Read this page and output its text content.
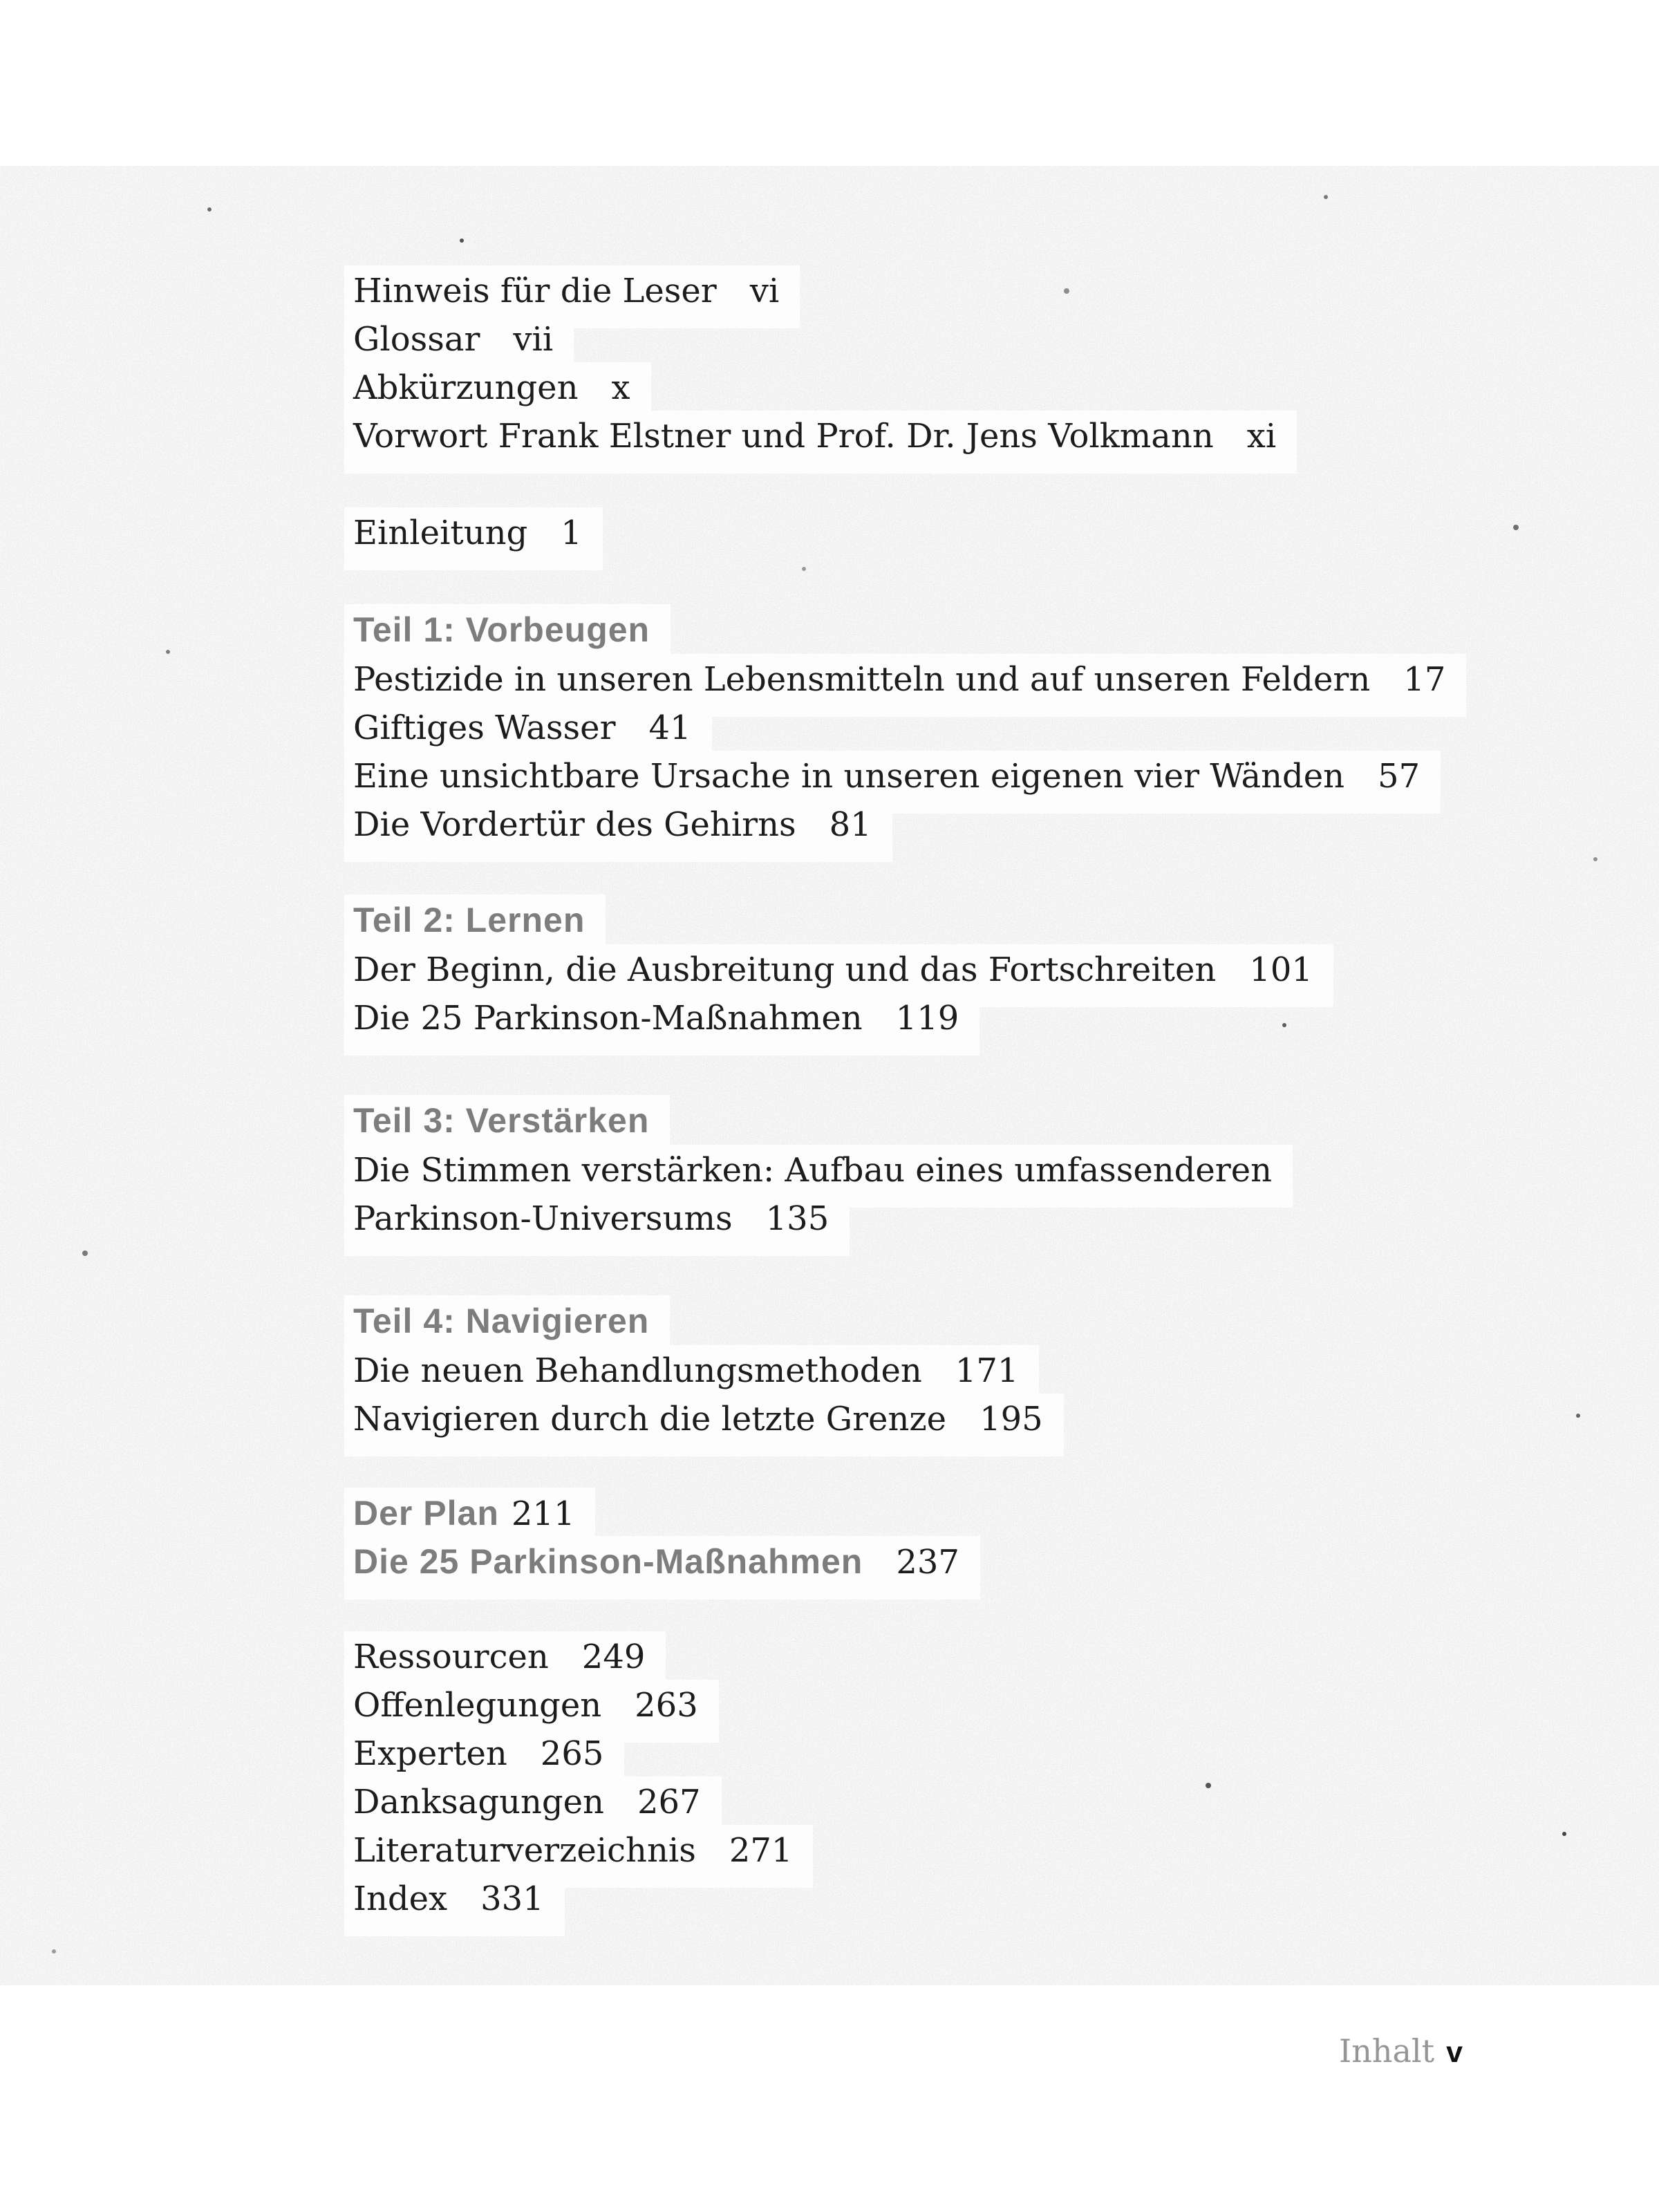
Hinweis für die Leser vi
Glossar vii
Abkürzungen x
Vorwort Frank Elstner und Prof. Dr. Jens Volkmann xi
Einleitung 1
Teil 1: Vorbeugen
Pestizide in unseren Lebensmitteln und auf unseren Feldern 17
Giftiges Wasser 41
Eine unsichtbare Ursache in unseren eigenen vier Wänden 57
Die Vordertür des Gehirns 81
Teil 2: Lernen
Der Beginn, die Ausbreitung und das Fortschreiten 101
Die 25 Parkinson-Maßnahmen 119
Teil 3: Verstärken
Die Stimmen verstärken: Aufbau eines umfassenderen
Parkinson-Universums 135
Teil 4: Navigieren
Die neuen Behandlungsmethoden 171
Navigieren durch die letzte Grenze 195
Der Plan 211
Die 25 Parkinson-Maßnahmen 237
Ressourcen 249
Offenlegungen 263
Experten 265
Danksagungen 267
Literaturverzeichnis 271
Index 331
Inhalt v
